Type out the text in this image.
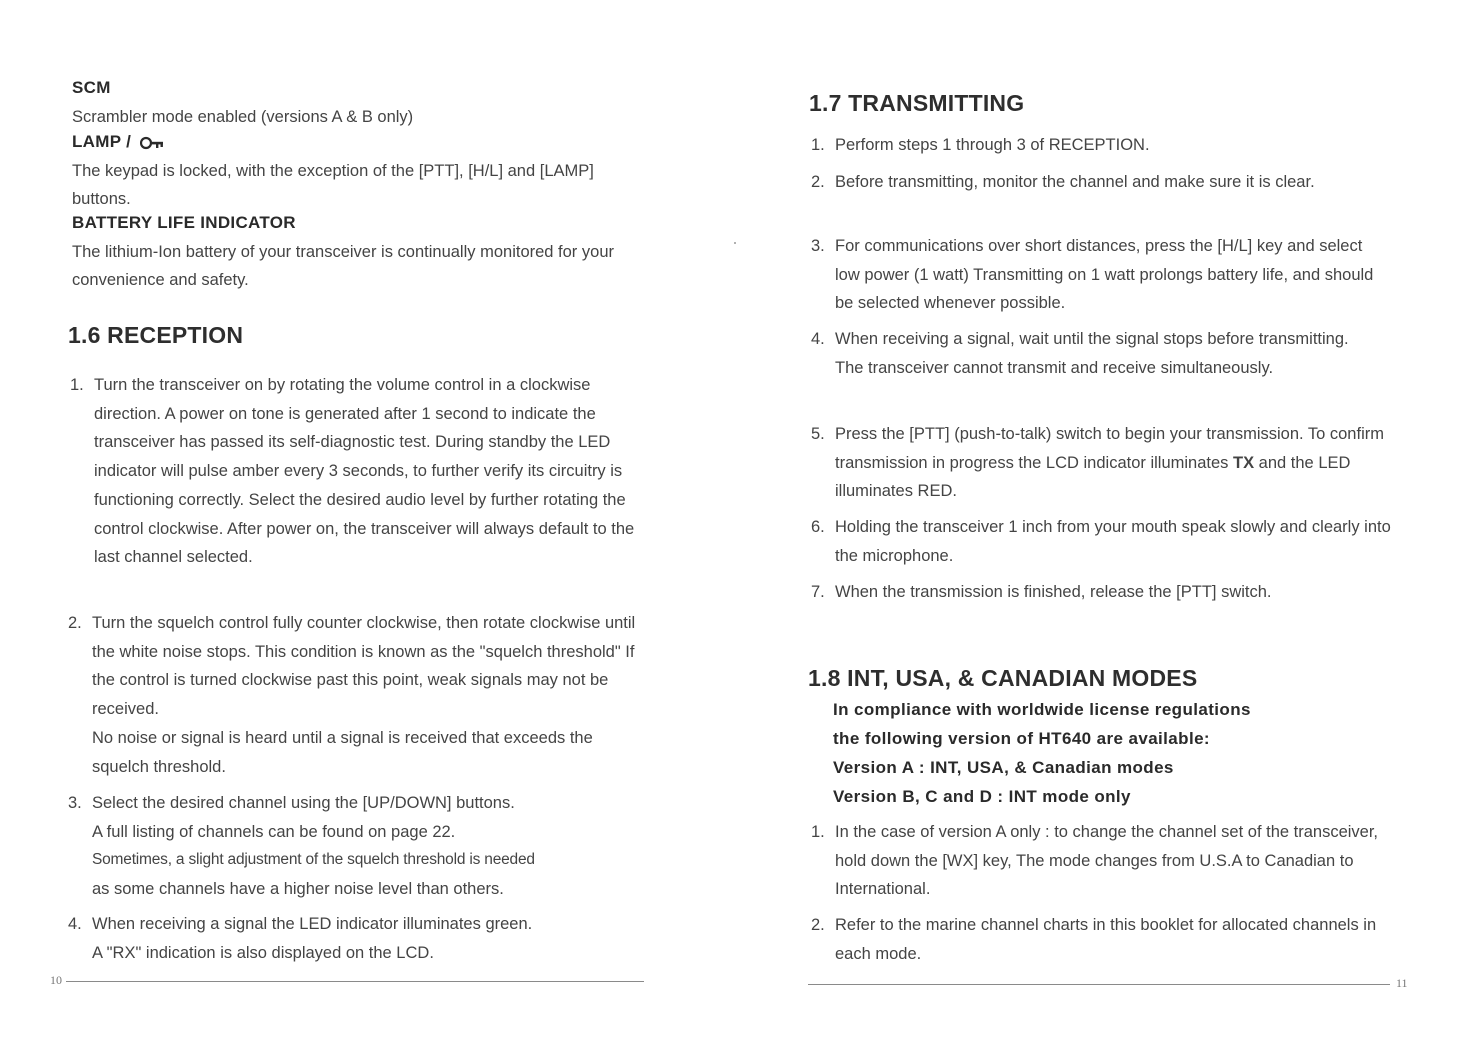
SCM
Scrambler mode enabled (versions A & B only)
LAMP /
The keypad is locked, with the exception of the [PTT], [H/L] and [LAMP] buttons.
BATTERY LIFE INDICATOR
The lithium-Ion battery of your transceiver is continually monitored for your convenience and safety.
1.6 RECEPTION
1. Turn the transceiver on by rotating the volume control in a clockwise direction. A power on tone is generated after 1 second to indicate the transceiver has passed its self-diagnostic test. During standby the LED indicator will pulse amber every 3 seconds, to further verify its circuitry is functioning correctly. Select the desired audio level by further rotating the control clockwise. After power on, the transceiver will always default to the last channel selected.
2. Turn the squelch control fully counter clockwise, then rotate clockwise until the white noise stops. This condition is known as the "squelch threshold" If the control is turned clockwise past this point, weak signals may not be received.
No noise or signal is heard until a signal is received that exceeds the squelch threshold.
3. Select the desired channel using the [UP/DOWN] buttons.
A full listing of channels can be found on page 22.
Sometimes, a slight adjustment of the squelch threshold is needed
as some channels have a higher noise level than others.
4. When receiving a signal the LED indicator illuminates green.
A "RX" indication is also displayed on the LCD.
10
1.7 TRANSMITTING
1. Perform steps 1 through 3 of RECEPTION.
2. Before transmitting, monitor the channel and make sure it is clear.
3. For communications over short distances, press the [H/L] key and select low power (1 watt) Transmitting on 1 watt prolongs battery life, and should be selected whenever possible.
4. When receiving a signal, wait until the signal stops before transmitting. The transceiver cannot transmit and receive simultaneously.
5. Press the [PTT] (push-to-talk) switch to begin your transmission. To confirm transmission in progress the LCD indicator illuminates TX and the LED illuminates RED.
6. Holding the transceiver 1 inch from your mouth speak slowly and clearly into the microphone.
7. When the transmission is finished, release the [PTT] switch.
1.8 INT, USA, & CANADIAN MODES
In compliance with worldwide license regulations
the following version of HT640 are available:
Version A : INT, USA, & Canadian modes
Version B, C and D : INT mode only
1. In the case of version A only : to change the channel set of the transceiver, hold down the [WX] key, The mode changes from U.S.A to Canadian to International.
2. Refer to the marine channel charts in this booklet for allocated channels in each mode.
11
